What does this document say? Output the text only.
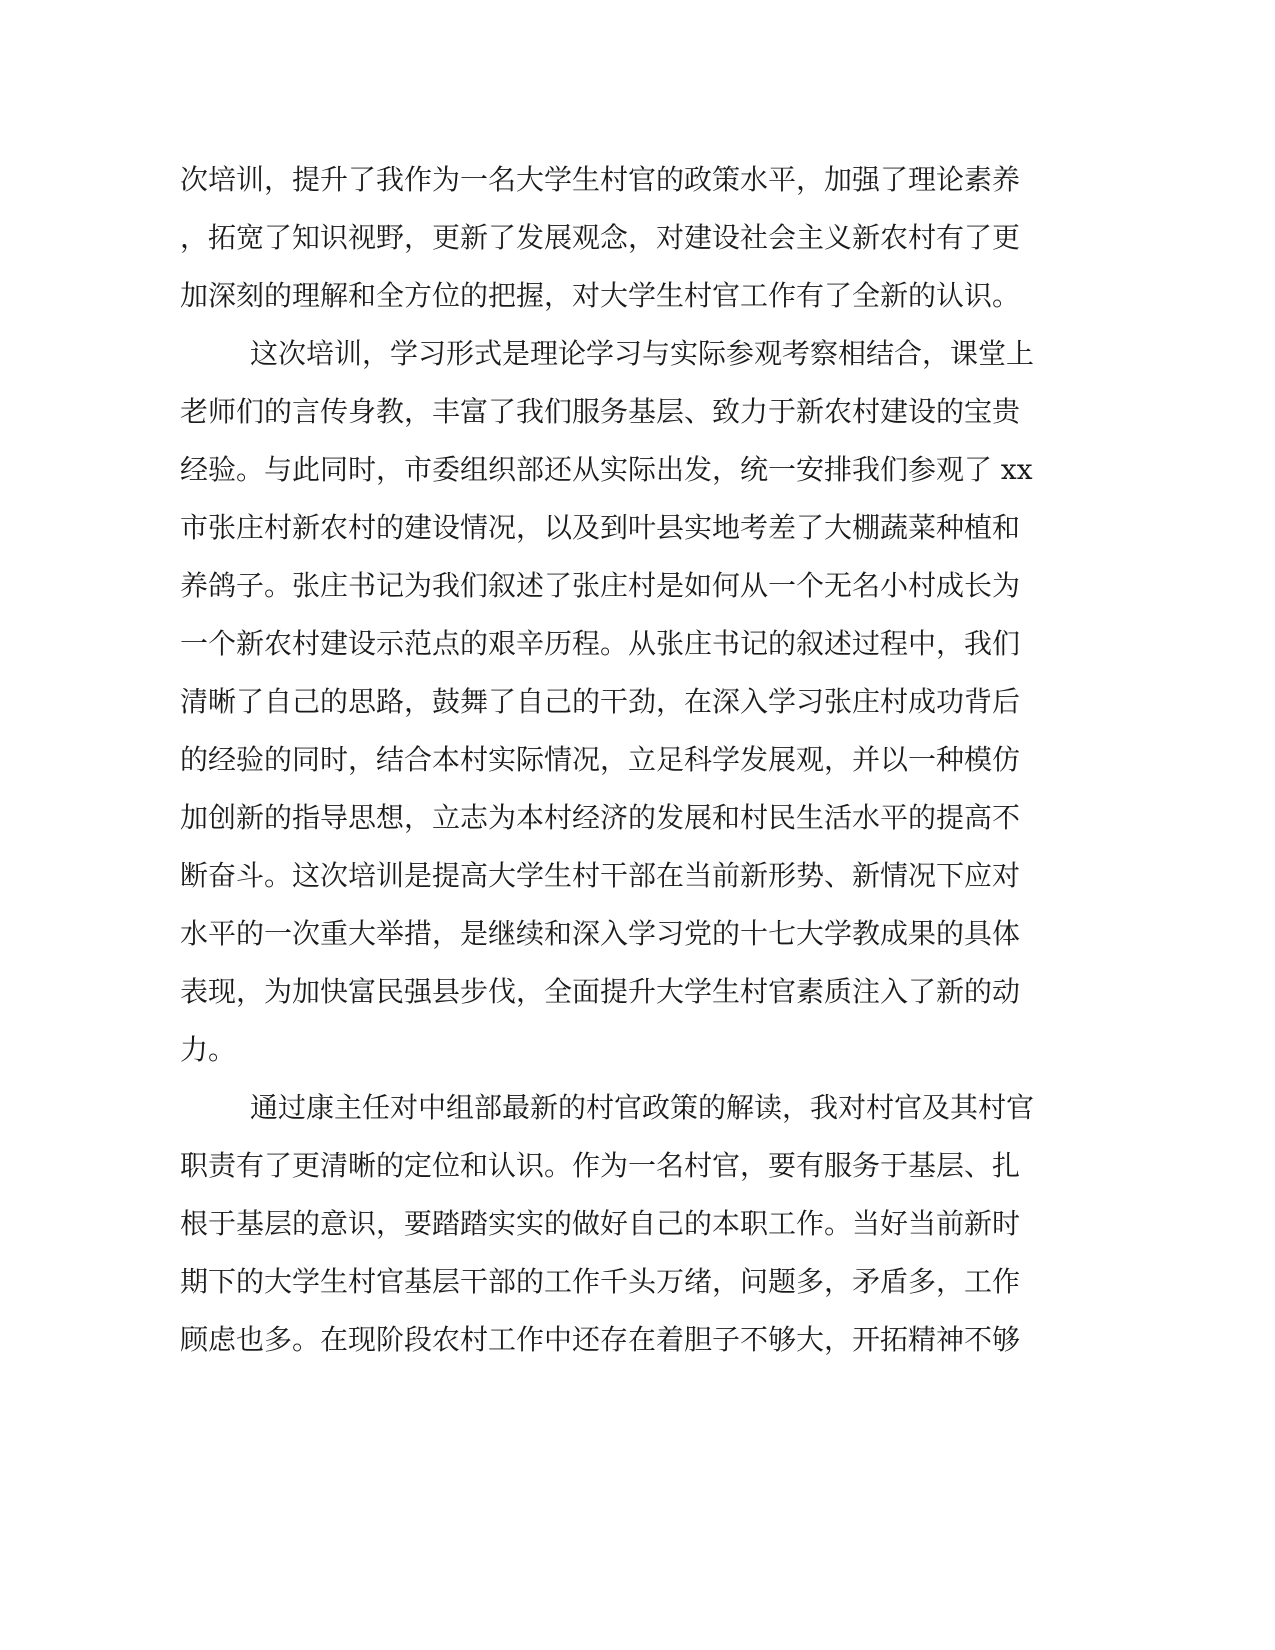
次培训，提升了我作为一名大学生村官的政策水平，加强了理论素养
，拓宽了知识视野，更新了发展观念，对建设社会主义新农村有了更
加深刻的理解和全方位的把握，对大学生村官工作有了全新的认识。
这次培训，学习形式是理论学习与实际参观考察相结合，课堂上
老师们的言传身教，丰富了我们服务基层、致力于新农村建设的宝贵
经验。与此同时，市委组织部还从实际出发，统一安排我们参观了 xx
市张庄村新农村的建设情况，以及到叶县实地考差了大棚蔬菜种植和
养鸽子。张庄书记为我们叙述了张庄村是如何从一个无名小村成长为
一个新农村建设示范点的艰辛历程。从张庄书记的叙述过程中，我们
清晰了自己的思路，鼓舞了自己的干劲，在深入学习张庄村成功背后
的经验的同时，结合本村实际情况，立足科学发展观，并以一种模仿
加创新的指导思想，立志为本村经济的发展和村民生活水平的提高不
断奋斗。这次培训是提高大学生村干部在当前新形势、新情况下应对
水平的一次重大举措，是继续和深入学习党的十七大学教成果的具体
表现，为加快富民强县步伐，全面提升大学生村官素质注入了新的动
力。
通过康主任对中组部最新的村官政策的解读，我对村官及其村官
职责有了更清晰的定位和认识。作为一名村官，要有服务于基层、扎
根于基层的意识，要踏踏实实的做好自己的本职工作。当好当前新时
期下的大学生村官基层干部的工作千头万绪，问题多，矛盾多，工作
顾虑也多。在现阶段农村工作中还存在着胆子不够大，开拓精神不够
